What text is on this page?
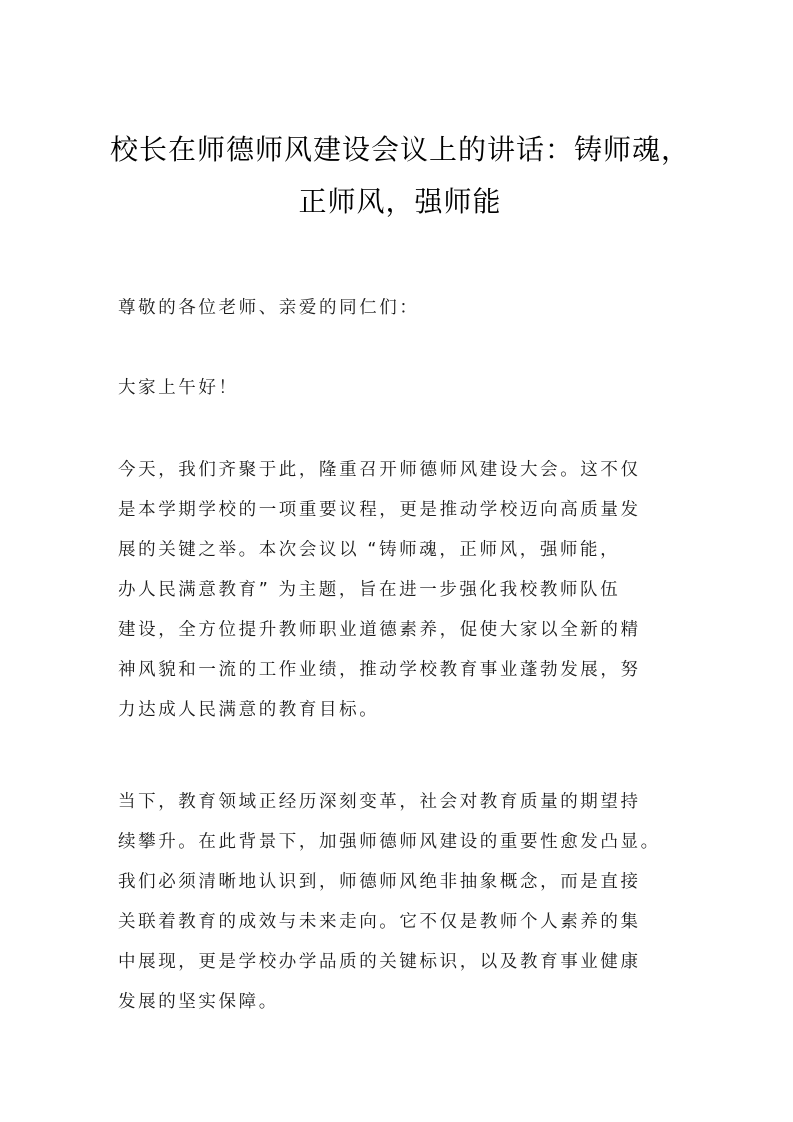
校长在师德师风建设会议上的讲话：铸师魂，
正师风，强师能

尊敬的各位老师、亲爱的同仁们：

大家上午好！

今天，我们齐聚于此，隆重召开师德师风建设大会。这不仅
是本学期学校的一项重要议程，更是推动学校迈向高质量发
展的关键之举。本次会议以 “铸师魂，正师风，强师能，
办人民满意教育” 为主题，旨在进一步强化我校教师队伍
建设，全方位提升教师职业道德素养，促使大家以全新的精
神风貌和一流的工作业绩，推动学校教育事业蓬勃发展，努
力达成人民满意的教育目标。

当下，教育领域正经历深刻变革，社会对教育质量的期望持
续攀升。在此背景下，加强师德师风建设的重要性愈发凸显。
我们必须清晰地认识到，师德师风绝非抽象概念，而是直接
关联着教育的成效与未来走向。它不仅是教师个人素养的集
中展现，更是学校办学品质的关键标识，以及教育事业健康
发展的坚实保障。
